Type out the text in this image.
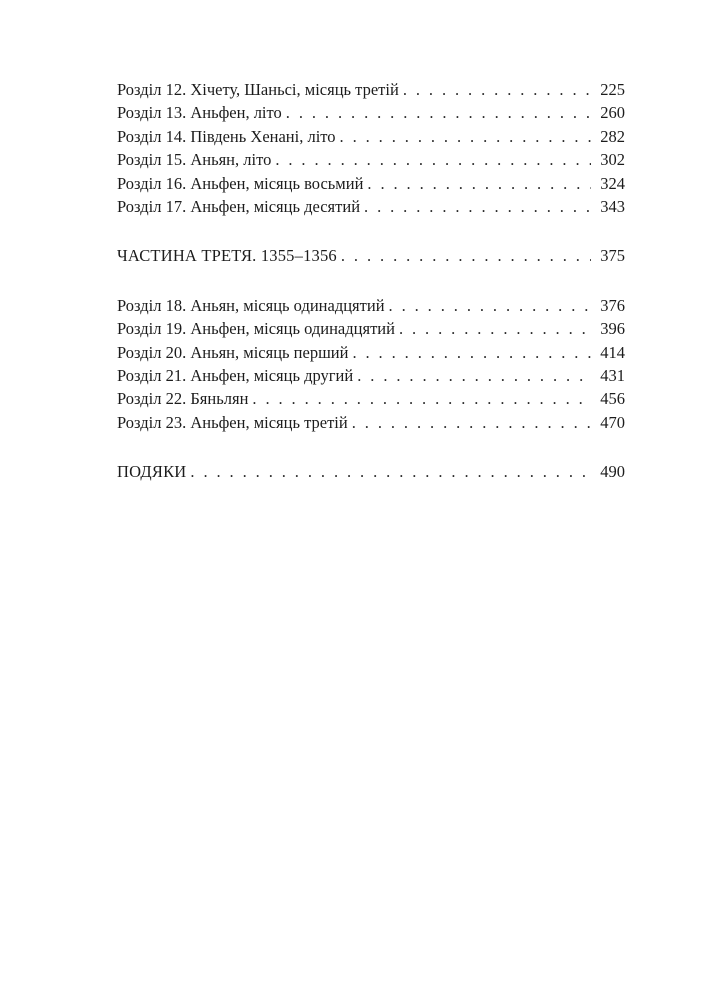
Розділ 12. Хічету, Шаньсі, місяць третій . . .	225
Розділ 13. Аньфен, літо . . .	260
Розділ 14. Південь Хенані, літо . . .	282
Розділ 15. Аньян, літо . . .	302
Розділ 16. Аньфен, місяць восьмий . . .	324
Розділ 17. Аньфен, місяць десятий . . .	343
ЧАСТИНА ТРЕТЯ. 1355–1356 . . .	375
Розділ 18. Аньян, місяць одинадцятий . . .	376
Розділ 19. Аньфен, місяць одинадцятий . . .	396
Розділ 20. Аньян, місяць перший . . .	414
Розділ 21. Аньфен, місяць другий . . .	431
Розділ 22. Бяньлян . . .	456
Розділ 23. Аньфен, місяць третій . . .	470
ПОДЯКИ . . .	490
